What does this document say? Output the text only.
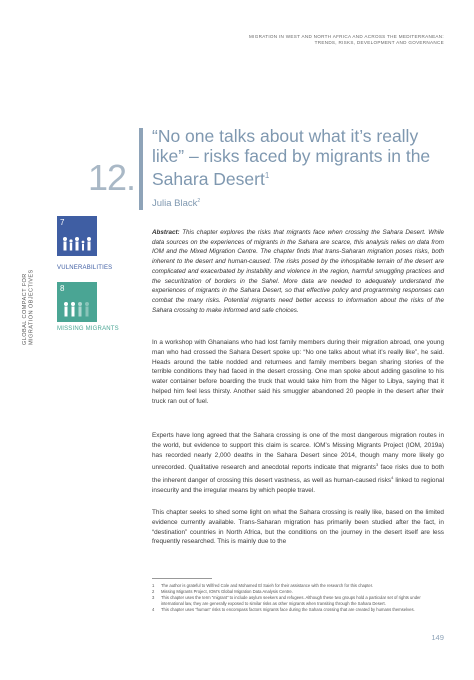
MIGRATION IN WEST AND NORTH AFRICA AND ACROSS THE MEDITERRANEAN:
TRENDS, RISKS, DEVELOPMENT AND GOVERNANCE
12.
“No one talks about what it’s really like” – risks faced by migrants in the Sahara Desert$^1$
Julia Black$^2$
GLOBAL COMPACT FOR
MIGRATION OBJECTIVES
7
VULNERABILITIES
8
MISSING MIGRANTS
Abstract: This chapter explores the risks that migrants face when crossing the Sahara Desert. While data sources on the experiences of migrants in the Sahara are scarce, this analysis relies on data from IOM and the Mixed Migration Centre. The chapter finds that trans-Saharan migration poses risks, both inherent to the desert and human-caused. The risks posed by the inhospitable terrain of the desert are complicated and exacerbated by instability and violence in the region, harmful smuggling practices and the securitization of borders in the Sahel. More data are needed to adequately understand the experiences of migrants in the Sahara Desert, so that effective policy and programming responses can combat the many risks. Potential migrants need better access to information about the risks of the Sahara crossing to make informed and safe choices.

In a workshop with Ghanaians who had lost family members during their migration abroad, one young man who had crossed the Sahara Desert spoke up: “No one talks about what it’s really like”, he said. Heads around the table nodded and returnees and family members began sharing stories of the terrible conditions they had faced in the desert crossing. One man spoke about adding gasoline to his water container before boarding the truck that would take him from the Niger to Libya, saying that it helped him feel less thirsty. Another said his smuggler abandoned 20 people in the desert after their truck ran out of fuel.

Experts have long agreed that the Sahara crossing is one of the most dangerous migration routes in the world, but evidence to support this claim is scarce. IOM’s Missing Migrants Project (IOM, 2019a) has recorded nearly 2,000 deaths in the Sahara Desert since 2014, though many more likely go unrecorded. Qualitative research and anecdotal reports indicate that migrants$^3$ face risks due to both the inherent danger of crossing this desert vastness, as well as human-caused risks$^4$ linked to regional insecurity and the irregular means by which people travel.

This chapter seeks to shed some light on what the Sahara crossing is really like, based on the limited evidence currently available. Trans-Saharan migration has primarily been studied after the fact, in “destination” countries in North Africa, but the conditions on the journey in the desert itself are less frequently researched. This is mainly due to the

1 The author is grateful to Wilfred Cole and Mohamed El Saieh for their assistance with the research for this chapter.
2 Missing Migrants Project, IOM’s Global Migration Data Analysis Centre.
3 This chapter uses the term “migrant” to include asylum seekers and refugees. Although these two groups hold a particular set of rights under international law, they are generally exposed to similar risks as other migrants when transiting through the Sahara Desert.
4 This chapter uses “human” risks to encompass factors migrants face during the Sahara crossing that are created by humans themselves.
149
